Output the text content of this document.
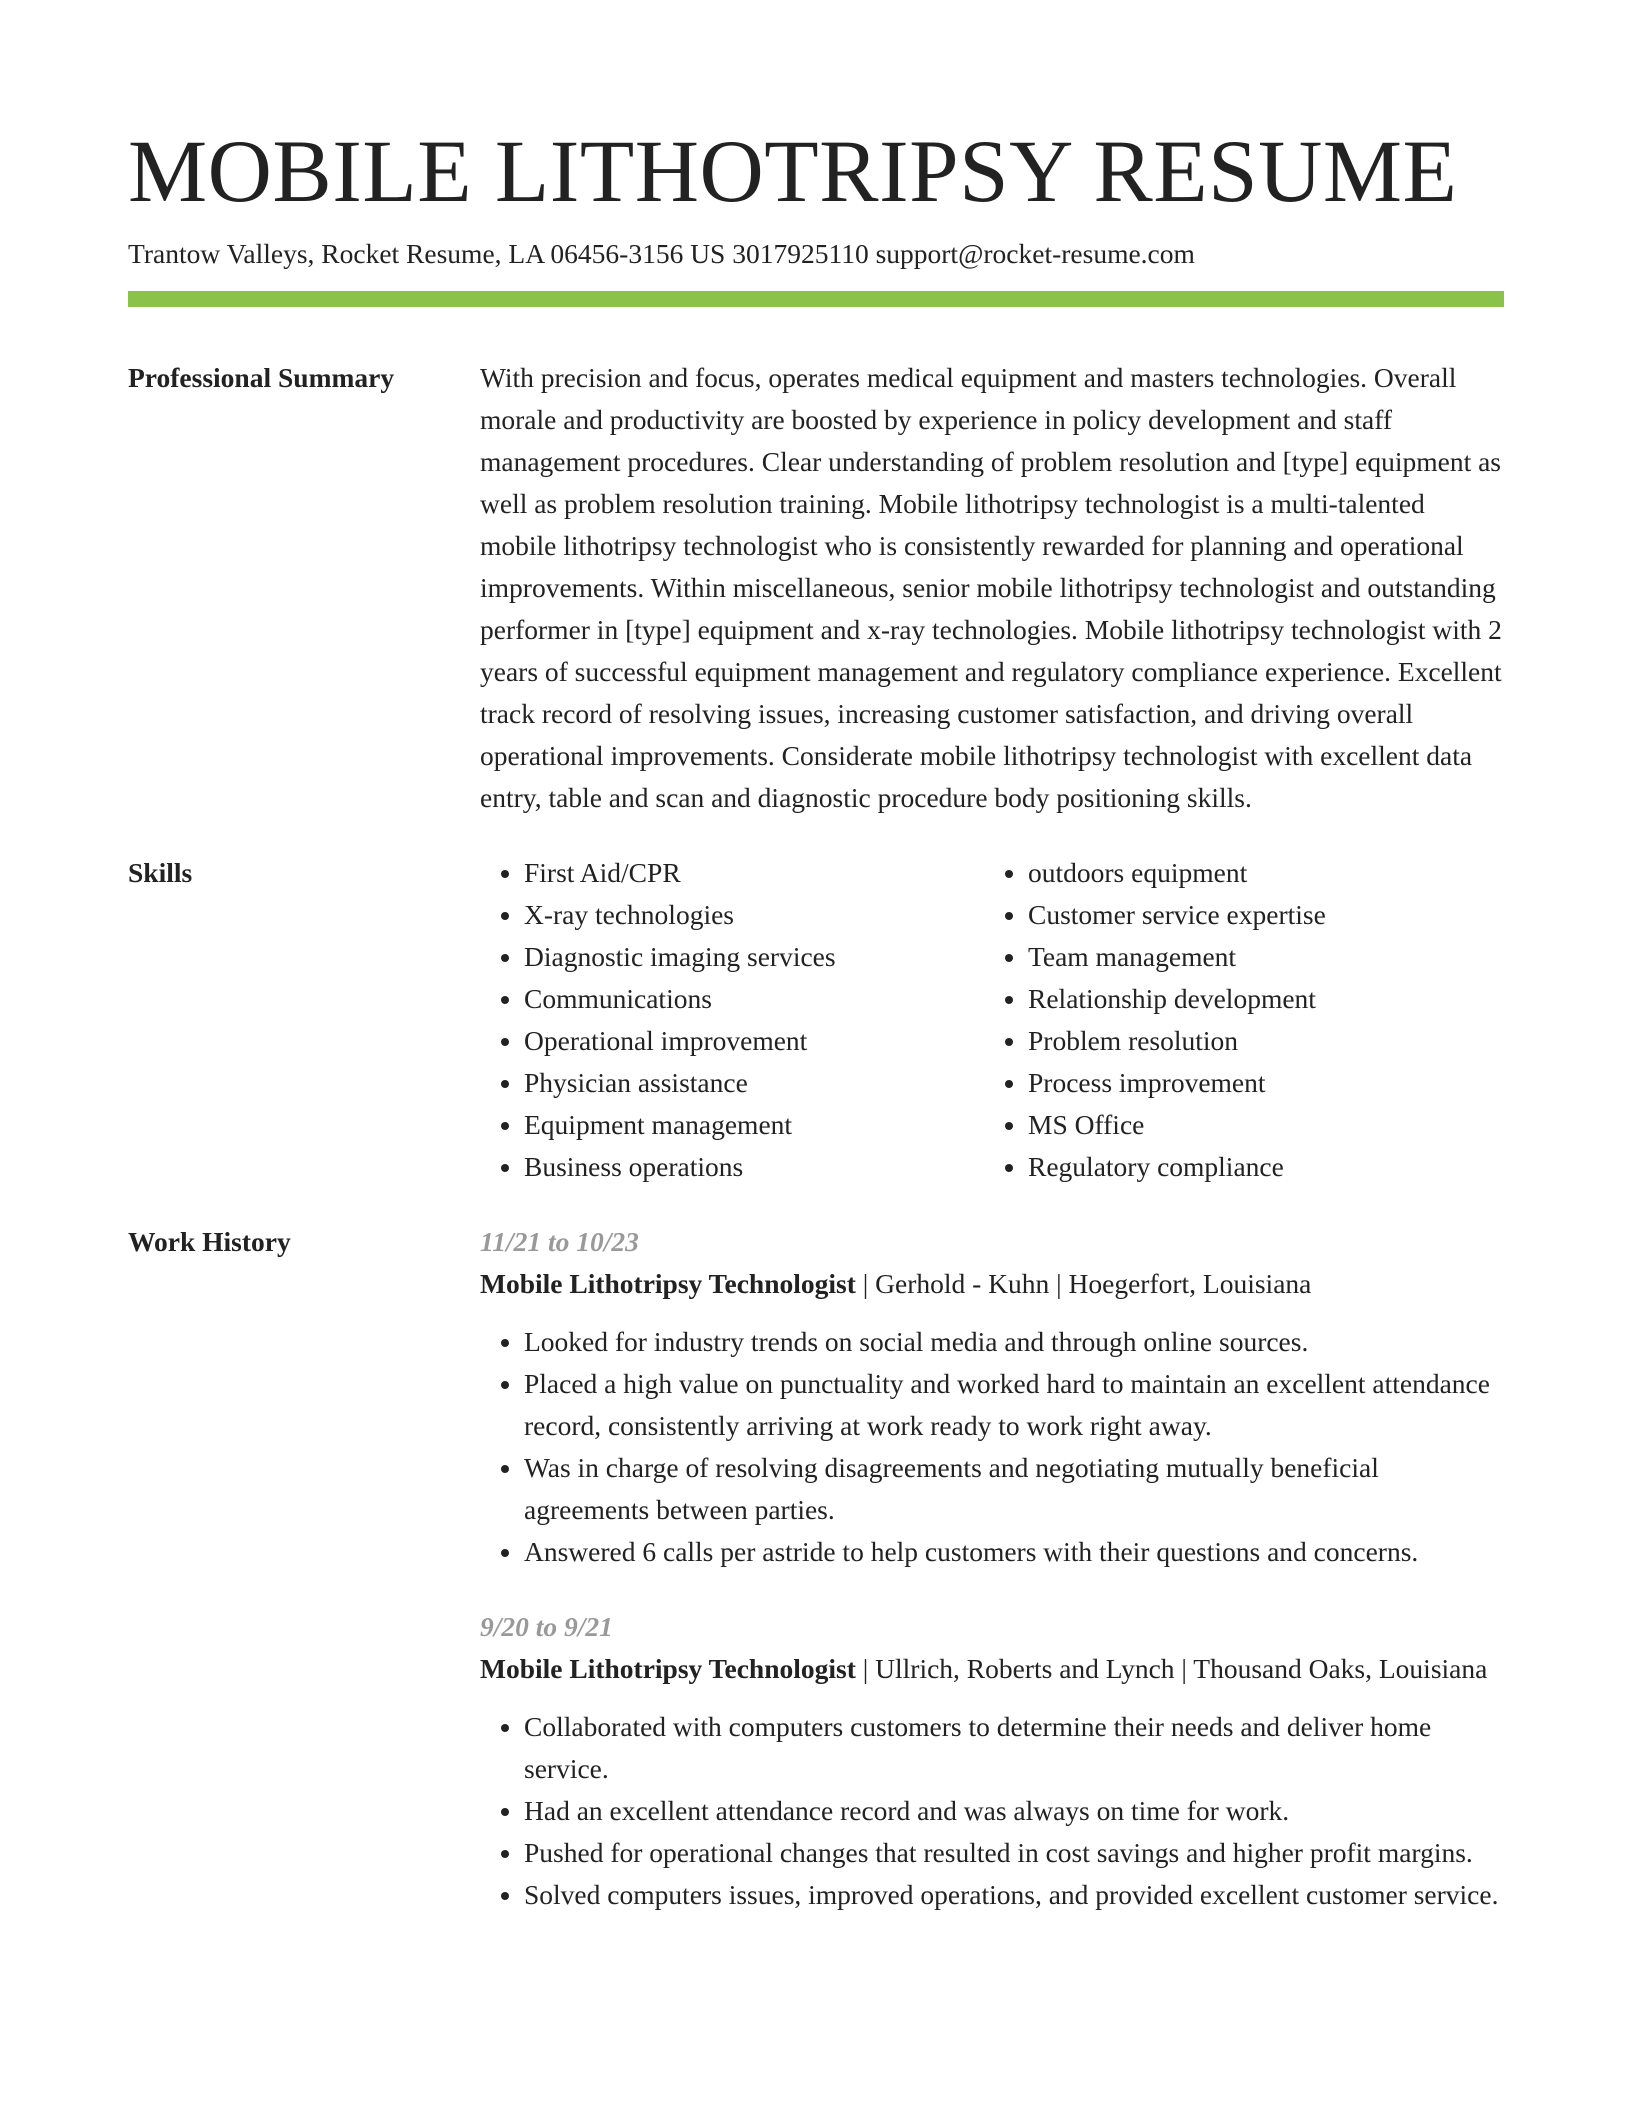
MOBILE LITHOTRIPSY RESUME
Trantow Valleys, Rocket Resume, LA 06456-3156 US 3017925110 support@rocket-resume.com
Professional Summary	With precision and focus, operates medical equipment and masters technologies. Overall morale and productivity are boosted by experience in policy development and staff management procedures. Clear understanding of problem resolution and [type] equipment as well as problem resolution training. Mobile lithotripsy technologist is a multi-talented mobile lithotripsy technologist who is consistently rewarded for planning and operational improvements. Within miscellaneous, senior mobile lithotripsy technologist and outstanding performer in [type] equipment and x-ray technologies. Mobile lithotripsy technologist with 2 years of successful equipment management and regulatory compliance experience. Excellent track record of resolving issues, increasing customer satisfaction, and driving overall operational improvements. Considerate mobile lithotripsy technologist with excellent data entry, table and scan and diagnostic procedure body positioning skills.

Skills
•	First Aid/CPR
• X-ray technologies
• Diagnostic imaging services
• Communications
• Operational improvement
• Physician assistance
• Equipment management
• Business operations
• outdoors equipment
• Customer service expertise
• Team management
• Relationship development
• Problem resolution
• Process improvement
• MS Office
• Regulatory compliance
Work History	11/21 to 10/23

Mobile Lithotripsy Technologist | Gerhold - Kuhn | Hoegerfort, Louisiana

• Looked for industry trends on social media and through online sources.
• Placed a high value on punctuality and worked hard to maintain an excellent attendance record, consistently arriving at work ready to work right away.
• Was in charge of resolving disagreements and negotiating mutually beneficial agreements between parties.
• Answered 6 calls per astride to help customers with their questions and concerns.
9/20 to 9/21

Mobile Lithotripsy Technologist | Ullrich, Roberts and Lynch | Thousand Oaks, Louisiana

• Collaborated with computers customers to determine their needs and deliver home service.
• Had an excellent attendance record and was always on time for work.
• Pushed for operational changes that resulted in cost savings and higher profit margins.
• Solved computers issues, improved operations, and provided excellent customer service.
